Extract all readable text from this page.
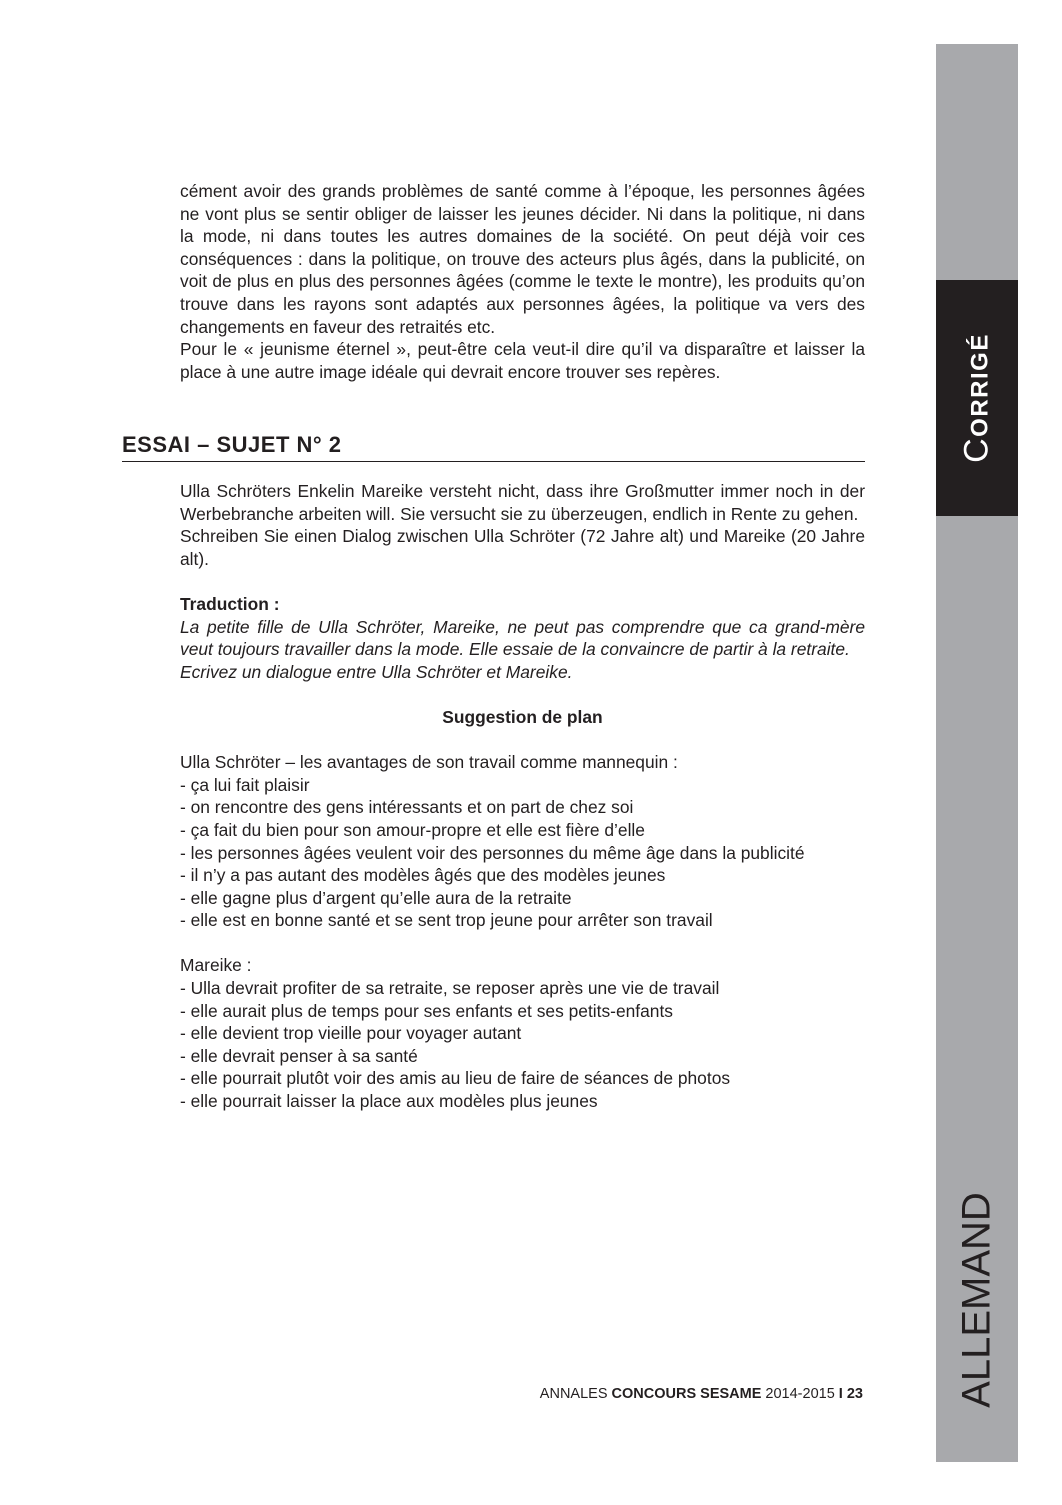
CORRIGÉ
ALLEMAND

cément avoir des grands problèmes de santé comme à l’époque, les personnes âgées ne vont plus se sentir obliger de laisser les jeunes décider. Ni dans la politique, ni dans la mode, ni dans toutes les autres domaines de la société. On peut déjà voir ces conséquences : dans la politique, on trouve des acteurs plus âgés, dans la publicité, on voit de plus en plus des personnes âgées (comme le texte le montre), les produits qu’on trouve dans les rayons sont adaptés aux personnes âgées, la politique va vers des changements en faveur des retraités etc.

Pour le « jeunisme éternel », peut-être cela veut-il dire qu’il va disparaître et laisser la place à une autre image idéale qui devrait encore trouver ses repères.

ESSAI – SUJET N° 2

Ulla Schröters Enkelin Mareike versteht nicht, dass ihre Großmutter immer noch in der Werbebranche arbeiten will. Sie versucht sie zu überzeugen, endlich in Rente zu gehen.

Schreiben Sie einen Dialog zwischen Ulla Schröter (72 Jahre alt) und Mareike (20 Jahre alt).

Traduction :

La petite fille de Ulla Schröter, Mareike, ne peut pas comprendre que ca grand-mère veut toujours travailler dans la mode. Elle essaie de la convaincre de partir à la retraite.

Ecrivez un dialogue entre Ulla Schröter et Mareike.

Suggestion de plan

Ulla Schröter – les avantages de son travail comme mannequin :

- ça lui fait plaisir
- on rencontre des gens intéressants et on part de chez soi
- ça fait du bien pour son amour-propre et elle est fière d’elle
- les personnes âgées veulent voir des personnes du même âge dans la publicité
- il n’y a pas autant des modèles âgés que des modèles jeunes
- elle gagne plus d’argent qu’elle aura de la retraite
- elle est en bonne santé et se sent trop jeune pour arrêter son travail

Mareike :

- Ulla devrait profiter de sa retraite, se reposer après une vie de travail
- elle aurait plus de temps pour ses enfants et ses petits-enfants
- elle devient trop vieille pour voyager autant
- elle devrait penser à sa santé
- elle pourrait plutôt voir des amis au lieu de faire de séances de photos
- elle pourrait laisser la place aux modèles plus jeunes
ANNALES CONCOURS SESAME 2014-2015 I 23
